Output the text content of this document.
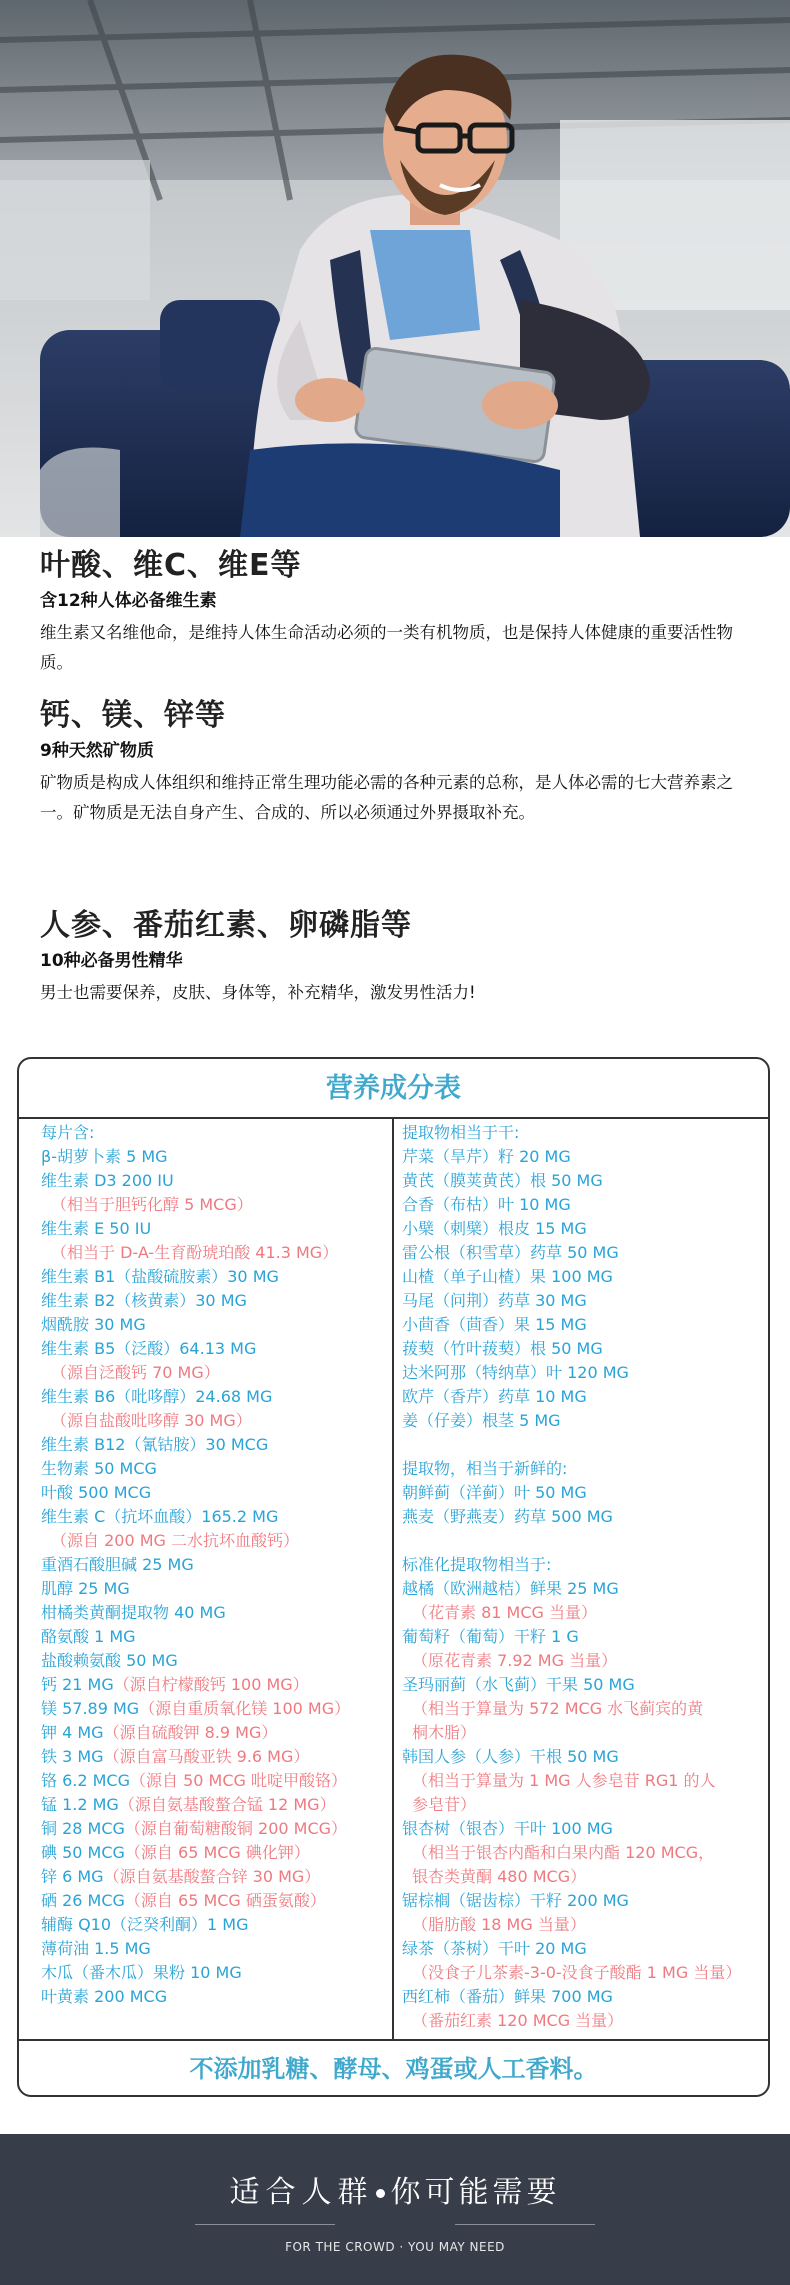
叶酸、维C、维E等
含12种人体必备维生素
维生素又名维他命，是维持人体生命活动必须的一类有机物质，也是保持人体健康的重要活性物质。
钙、镁、锌等
9种天然矿物质
矿物质是构成人体组织和维持正常生理功能必需的各种元素的总称，是人体必需的七大营养素之一。矿物质是无法自身产生、合成的、所以必须通过外界摄取补充。
人参、番茄红素、卵磷脂等
10种必备男性精华
男士也需要保养，皮肤、身体等，补充精华，激发男性活力!
营养成分表
每片含:
β-胡萝卜素 5 MG
维生素 D3 200 IU
（相当于胆钙化醇 5 MCG）
维生素 E 50 IU
（相当于 D-A-生育酚琥珀酸 41.3 MG）
维生素 B1（盐酸硫胺素）30 MG
维生素 B2（核黄素）30 MG
烟酰胺 30 MG
维生素 B5（泛酸）64.13 MG
（源自泛酸钙 70 MG）
维生素 B6（吡哆醇）24.68 MG
（源自盐酸吡哆醇 30 MG）
维生素 B12（氰钴胺）30 MCG
生物素 50 MCG
叶酸 500 MCG
维生素 C（抗坏血酸）165.2 MG
（源自 200 MG 二水抗坏血酸钙）
重酒石酸胆碱 25 MG
肌醇 25 MG
柑橘类黄酮提取物 40 MG
酪氨酸 1 MG
盐酸赖氨酸 50 MG
钙 21 MG（源自柠檬酸钙 100 MG）
镁 57.89 MG（源自重质氧化镁 100 MG）
钾 4 MG（源自硫酸钾 8.9 MG）
铁 3 MG（源自富马酸亚铁 9.6 MG）
铬 6.2 MCG（源自 50 MCG 吡啶甲酸铬）
锰 1.2 MG（源自氨基酸螯合锰 12 MG）
铜 28 MCG（源自葡萄糖酸铜 200 MCG）
碘 50 MCG（源自 65 MCG 碘化钾）
锌 6 MG（源自氨基酸螯合锌 30 MG）
硒 26 MCG（源自 65 MCG 硒蛋氨酸）
辅酶 Q10（泛癸利酮）1 MG
薄荷油 1.5 MG
木瓜（番木瓜）果粉 10 MG
叶黄素 200 MCG
提取物相当于干:
芹菜（旱芹）籽 20 MG
黄芪（膜荚黄芪）根 50 MG
合香（布枯）叶 10 MG
小檗（刺檗）根皮 15 MG
雷公根（积雪草）药草 50 MG
山楂（单子山楂）果 100 MG
马尾（问荆）药草 30 MG
小茴香（茴香）果 15 MG
菝葜（竹叶菝葜）根 50 MG
达米阿那（特纳草）叶 120 MG
欧芹（香芹）药草 10 MG
姜（仔姜）根茎 5 MG
提取物，相当于新鲜的:
朝鲜蓟（洋蓟）叶 50 MG
燕麦（野燕麦）药草 500 MG
标准化提取物相当于:
越橘（欧洲越桔）鲜果 25 MG
（花青素 81 MCG 当量）
葡萄籽（葡萄）干籽 1 G
（原花青素 7.92 MG 当量）
圣玛丽蓟（水飞蓟）干果 50 MG
（相当于算量为 572 MCG 水飞蓟宾的黄
桐木脂）
韩国人参（人参）干根 50 MG
（相当于算量为 1 MG 人参皂苷 RG1 的人
参皂苷）
银杏树（银杏）干叶 100 MG
（相当于银杏内酯和白果内酯 120 MCG，
银杏类黄酮 480 MCG）
锯棕榈（锯齿棕）干籽 200 MG
（脂肪酸 18 MG 当量）
绿茶（茶树）干叶 20 MG
（没食子儿茶素-3-0-没食子酸酯 1 MG 当量）
西红柿（番茄）鲜果 700 MG
（番茄红素 120 MCG 当量）
不添加乳糖、酵母、鸡蛋或人工香料。
适合人群 你可能需要
FOR THE CROWD · YOU MAY NEED
